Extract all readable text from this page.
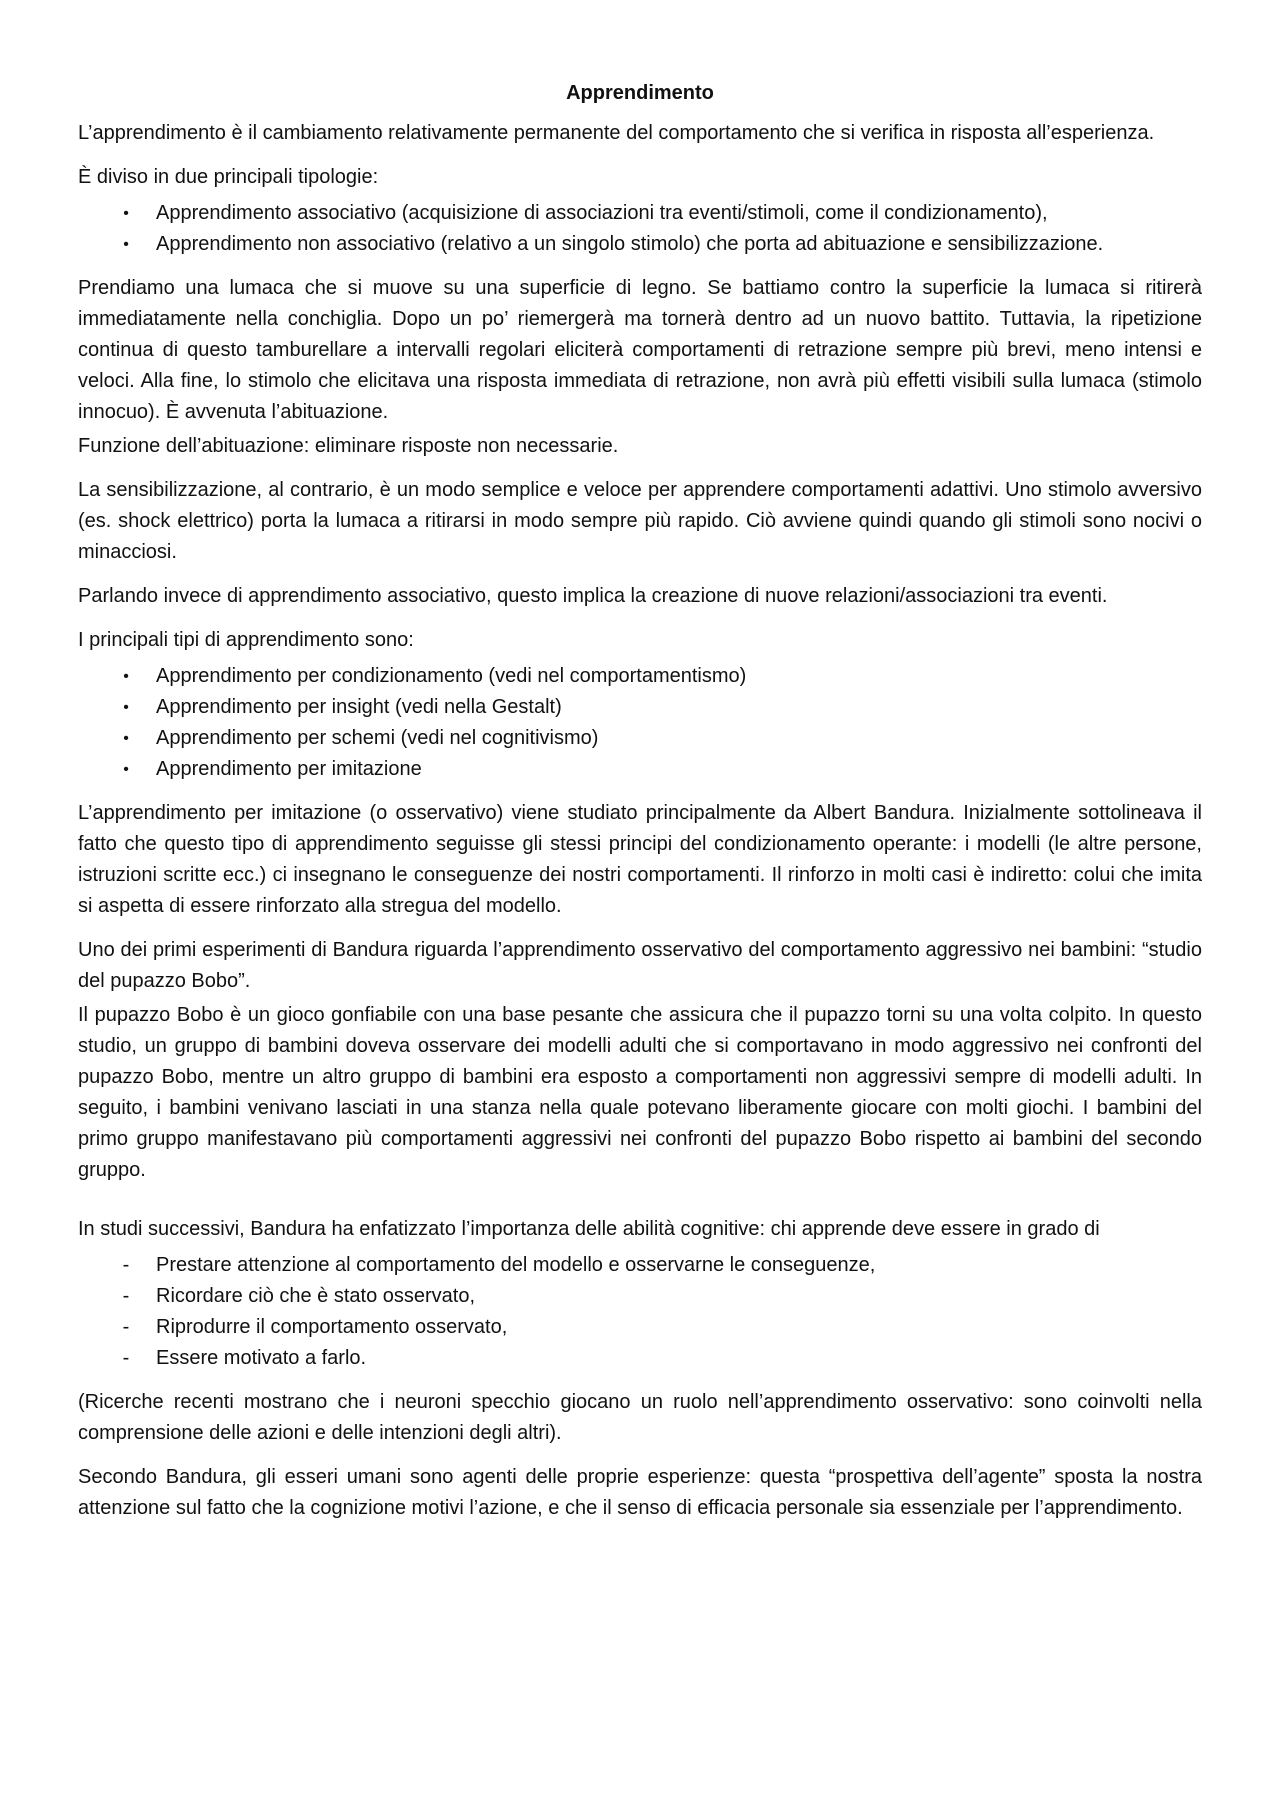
Apprendimento

L’apprendimento è il cambiamento relativamente permanente del comportamento che si verifica in risposta all’esperienza.

È diviso in due principali tipologie:

•	Apprendimento associativo (acquisizione di associazioni tra eventi/stimoli, come il condizionamento),
•	Apprendimento non associativo (relativo a un singolo stimolo) che porta ad abituazione e sensibilizzazione.

Prendiamo una lumaca che si muove su una superficie di legno. Se battiamo contro la superficie la lumaca si ritirerà immediatamente nella conchiglia. Dopo un po’ riemergerà ma tornerà dentro ad un nuovo battito. Tuttavia, la ripetizione continua di questo tamburellare a intervalli regolari eliciterà comportamenti di retrazione sempre più brevi, meno intensi e veloci. Alla fine, lo stimolo che elicitava una risposta immediata di retrazione, non avrà più effetti visibili sulla lumaca (stimolo innocuo). È avvenuta l’abituazione.

Funzione dell’abituazione: eliminare risposte non necessarie.

La sensibilizzazione, al contrario, è un modo semplice e veloce per apprendere comportamenti adattivi. Uno stimolo avversivo (es. shock elettrico) porta la lumaca a ritirarsi in modo sempre più rapido. Ciò avviene quindi quando gli stimoli sono nocivi o minacciosi.

Parlando invece di apprendimento associativo, questo implica la creazione di nuove relazioni/associazioni tra eventi.

I principali tipi di apprendimento sono:

•	Apprendimento per condizionamento (vedi nel comportamentismo)
•	Apprendimento per insight (vedi nella Gestalt)
•	Apprendimento per schemi (vedi nel cognitivismo)
•	Apprendimento per imitazione

L’apprendimento per imitazione (o osservativo) viene studiato principalmente da Albert Bandura. Inizialmente sottolineava il fatto che questo tipo di apprendimento seguisse gli stessi principi del condizionamento operante: i modelli (le altre persone, istruzioni scritte ecc.) ci insegnano le conseguenze dei nostri comportamenti. Il rinforzo in molti casi è indiretto: colui che imita si aspetta di essere rinforzato alla stregua del modello.

Uno dei primi esperimenti di Bandura riguarda l’apprendimento osservativo del comportamento aggressivo nei bambini: “studio del pupazzo Bobo”.

Il pupazzo Bobo è un gioco gonfiabile con una base pesante che assicura che il pupazzo torni su una volta colpito. In questo studio, un gruppo di bambini doveva osservare dei modelli adulti che si comportavano in modo aggressivo nei confronti del pupazzo Bobo, mentre un altro gruppo di bambini era esposto a comportamenti non aggressivi sempre di modelli adulti. In seguito, i bambini venivano lasciati in una stanza nella quale potevano liberamente giocare con molti giochi. I bambini del primo gruppo manifestavano più comportamenti aggressivi nei confronti del pupazzo Bobo rispetto ai bambini del secondo gruppo.

In studi successivi, Bandura ha enfatizzato l’importanza delle abilità cognitive: chi apprende deve essere in grado di

-	Prestare attenzione al comportamento del modello e osservarne le conseguenze,
-	Ricordare ciò che è stato osservato,
-	Riprodurre il comportamento osservato,
-	Essere motivato a farlo.

(Ricerche recenti mostrano che i neuroni specchio giocano un ruolo nell’apprendimento osservativo: sono coinvolti nella comprensione delle azioni e delle intenzioni degli altri).

Secondo Bandura, gli esseri umani sono agenti delle proprie esperienze: questa “prospettiva dell’agente” sposta la nostra attenzione sul fatto che la cognizione motivi l’azione, e che il senso di efficacia personale sia essenziale per l’apprendimento.
